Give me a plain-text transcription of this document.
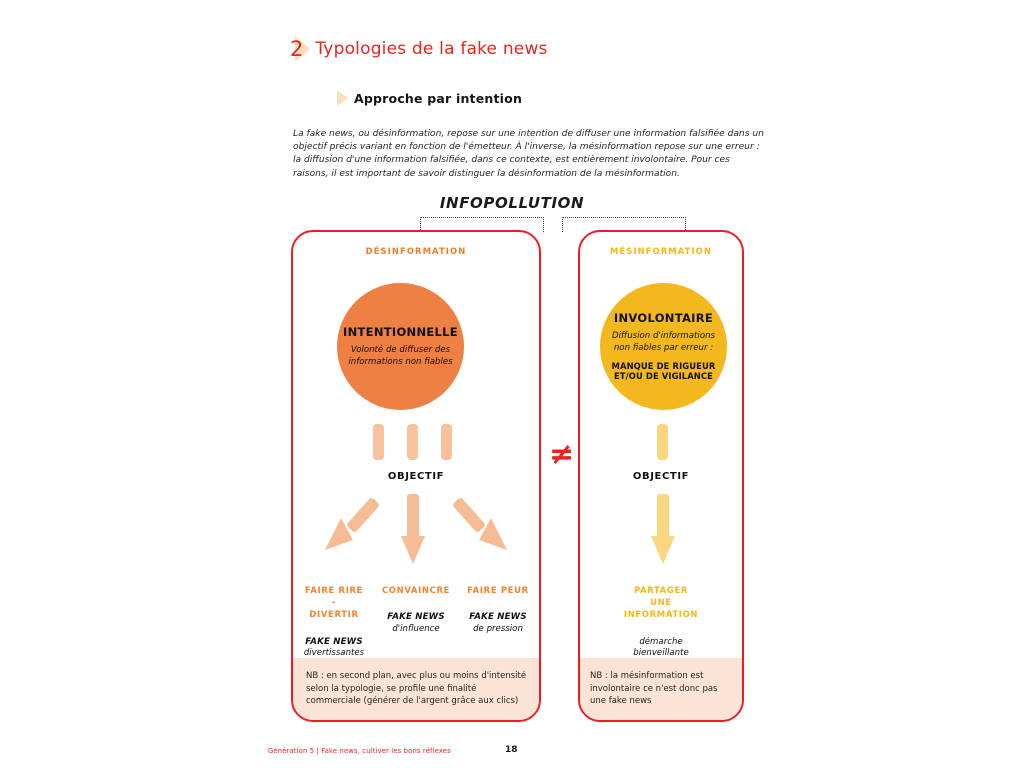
2 Typologies de la fake news
Approche par intention
La fake news, ou désinformation, repose sur une intention de diffuser une information falsifiée dans un objectif précis variant en fonction de l'émetteur. À l'inverse, la mésinformation repose sur une erreur : la diffusion d'une information falsifiée, dans ce contexte, est entièrement involontaire. Pour ces raisons, il est important de savoir distinguer la désinformation de la mésinformation.
INFOPOLLUTION
DÉSINFORMATION
INTENTIONNELLE
Volonté de diffuser des
informations non fiables
OBJECTIF
FAIRE RIRE
-
DIVERTIR
FAKE NEWS
divertissantes

CONVAINCRE
FAKE NEWS
d'influence
FAIRE PEUR
FAKE NEWS
de pression
NB : en second plan, avec plus ou moins d'intensité selon la typologie, se profile une finalité commerciale (générer de l'argent grâce aux clics)
≠
MÉSINFORMATION
INVOLONTAIRE
Diffusion d'informations
non fiables par erreur :
MANQUE DE RIGUEUR
ET/OU DE VIGILANCE
OBJECTIF
PARTAGER
UNE
INFORMATION
démarche
bienveillante

NB : la mésinformation est involontaire ce n'est donc pas une fake news
Génération 5 | Fake news, cultiver les bons réflexes	18
